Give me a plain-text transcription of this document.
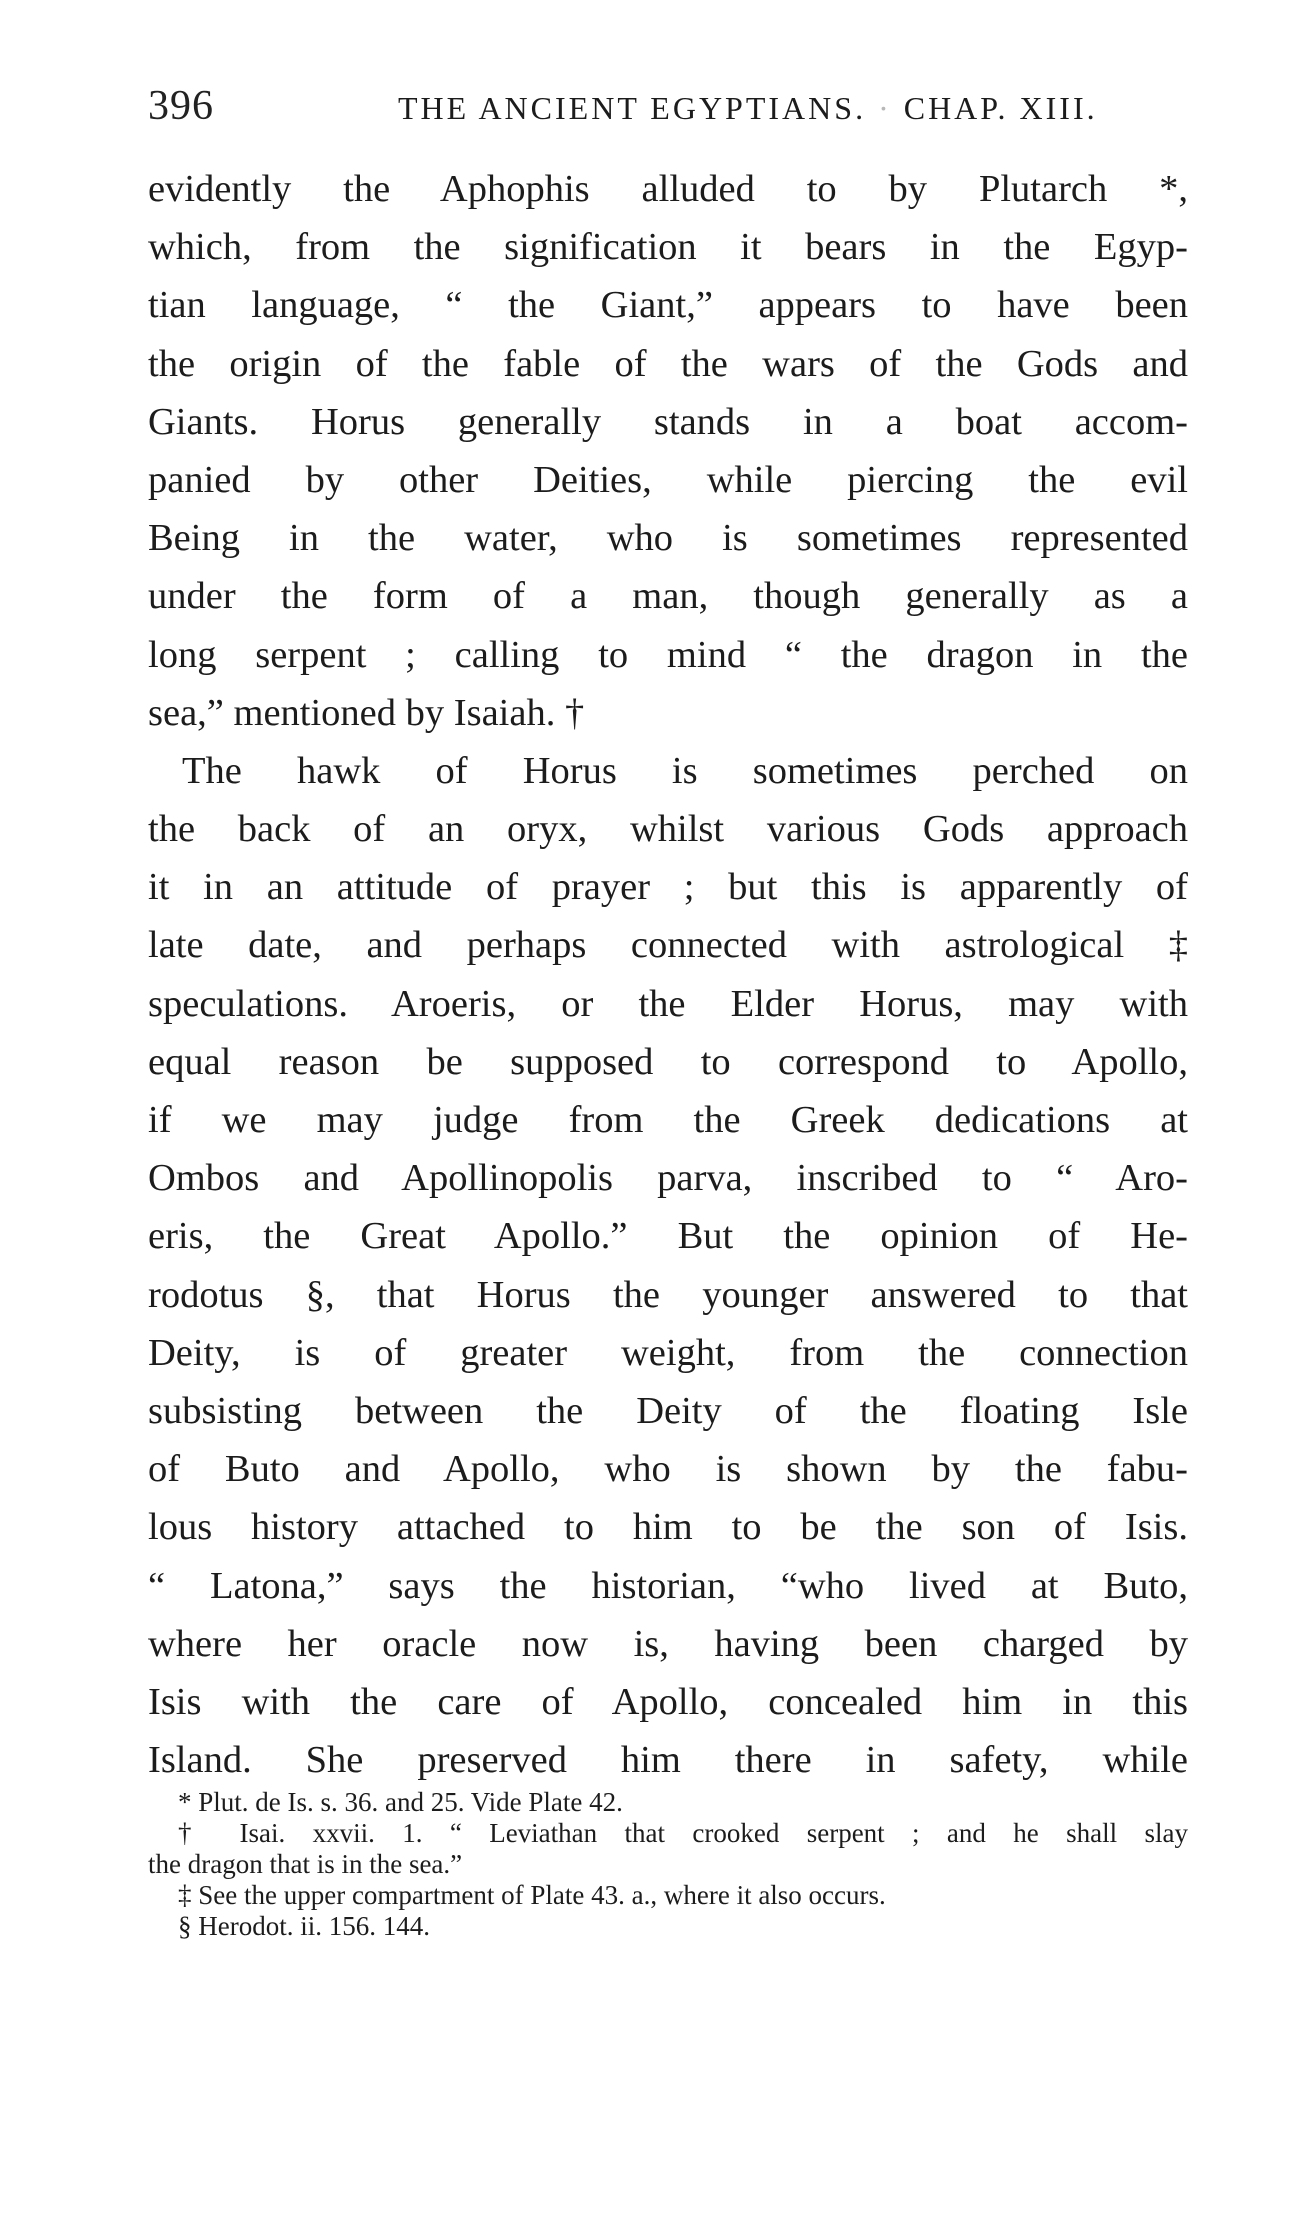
396	THE ANCIENT EGYPTIANS. · CHAP. XIII.
evidently the Aphophis alluded to by Plutarch *,
which, from the signification it bears in the Egyp-
tian language, “ the Giant,” appears to have been
the origin of the fable of the wars of the Gods and
Giants. Horus generally stands in a boat accom-
panied by other Deities, while piercing the evil
Being in the water, who is sometimes represented
under the form of a man, though generally as a
long serpent ; calling to mind “ the dragon in the
sea,” mentioned by Isaiah. †
The hawk of Horus is sometimes perched on
the back of an oryx, whilst various Gods approach
it in an attitude of prayer ; but this is apparently of
late date, and perhaps connected with astrological ‡
speculations. Aroeris, or the Elder Horus, may with
equal reason be supposed to correspond to Apollo,
if we may judge from the Greek dedications at
Ombos and Apollinopolis parva, inscribed to “ Aro-
eris, the Great Apollo.” But the opinion of He-
rodotus §, that Horus the younger answered to that
Deity, is of greater weight, from the connection
subsisting between the Deity of the floating Isle
of Buto and Apollo, who is shown by the fabu-
lous history attached to him to be the son of Isis.
“ Latona,” says the historian, “who lived at Buto,
where her oracle now is, having been charged by
Isis with the care of Apollo, concealed him in this
Island. She preserved him there in safety, while
* Plut. de Is. s. 36. and 25. Vide Plate 42.
† Isai. xxvii. 1. “ Leviathan that crooked serpent ; and he shall slay
the dragon that is in the sea.”
‡ See the upper compartment of Plate 43. a., where it also occurs.
§ Herodot. ii. 156. 144.
